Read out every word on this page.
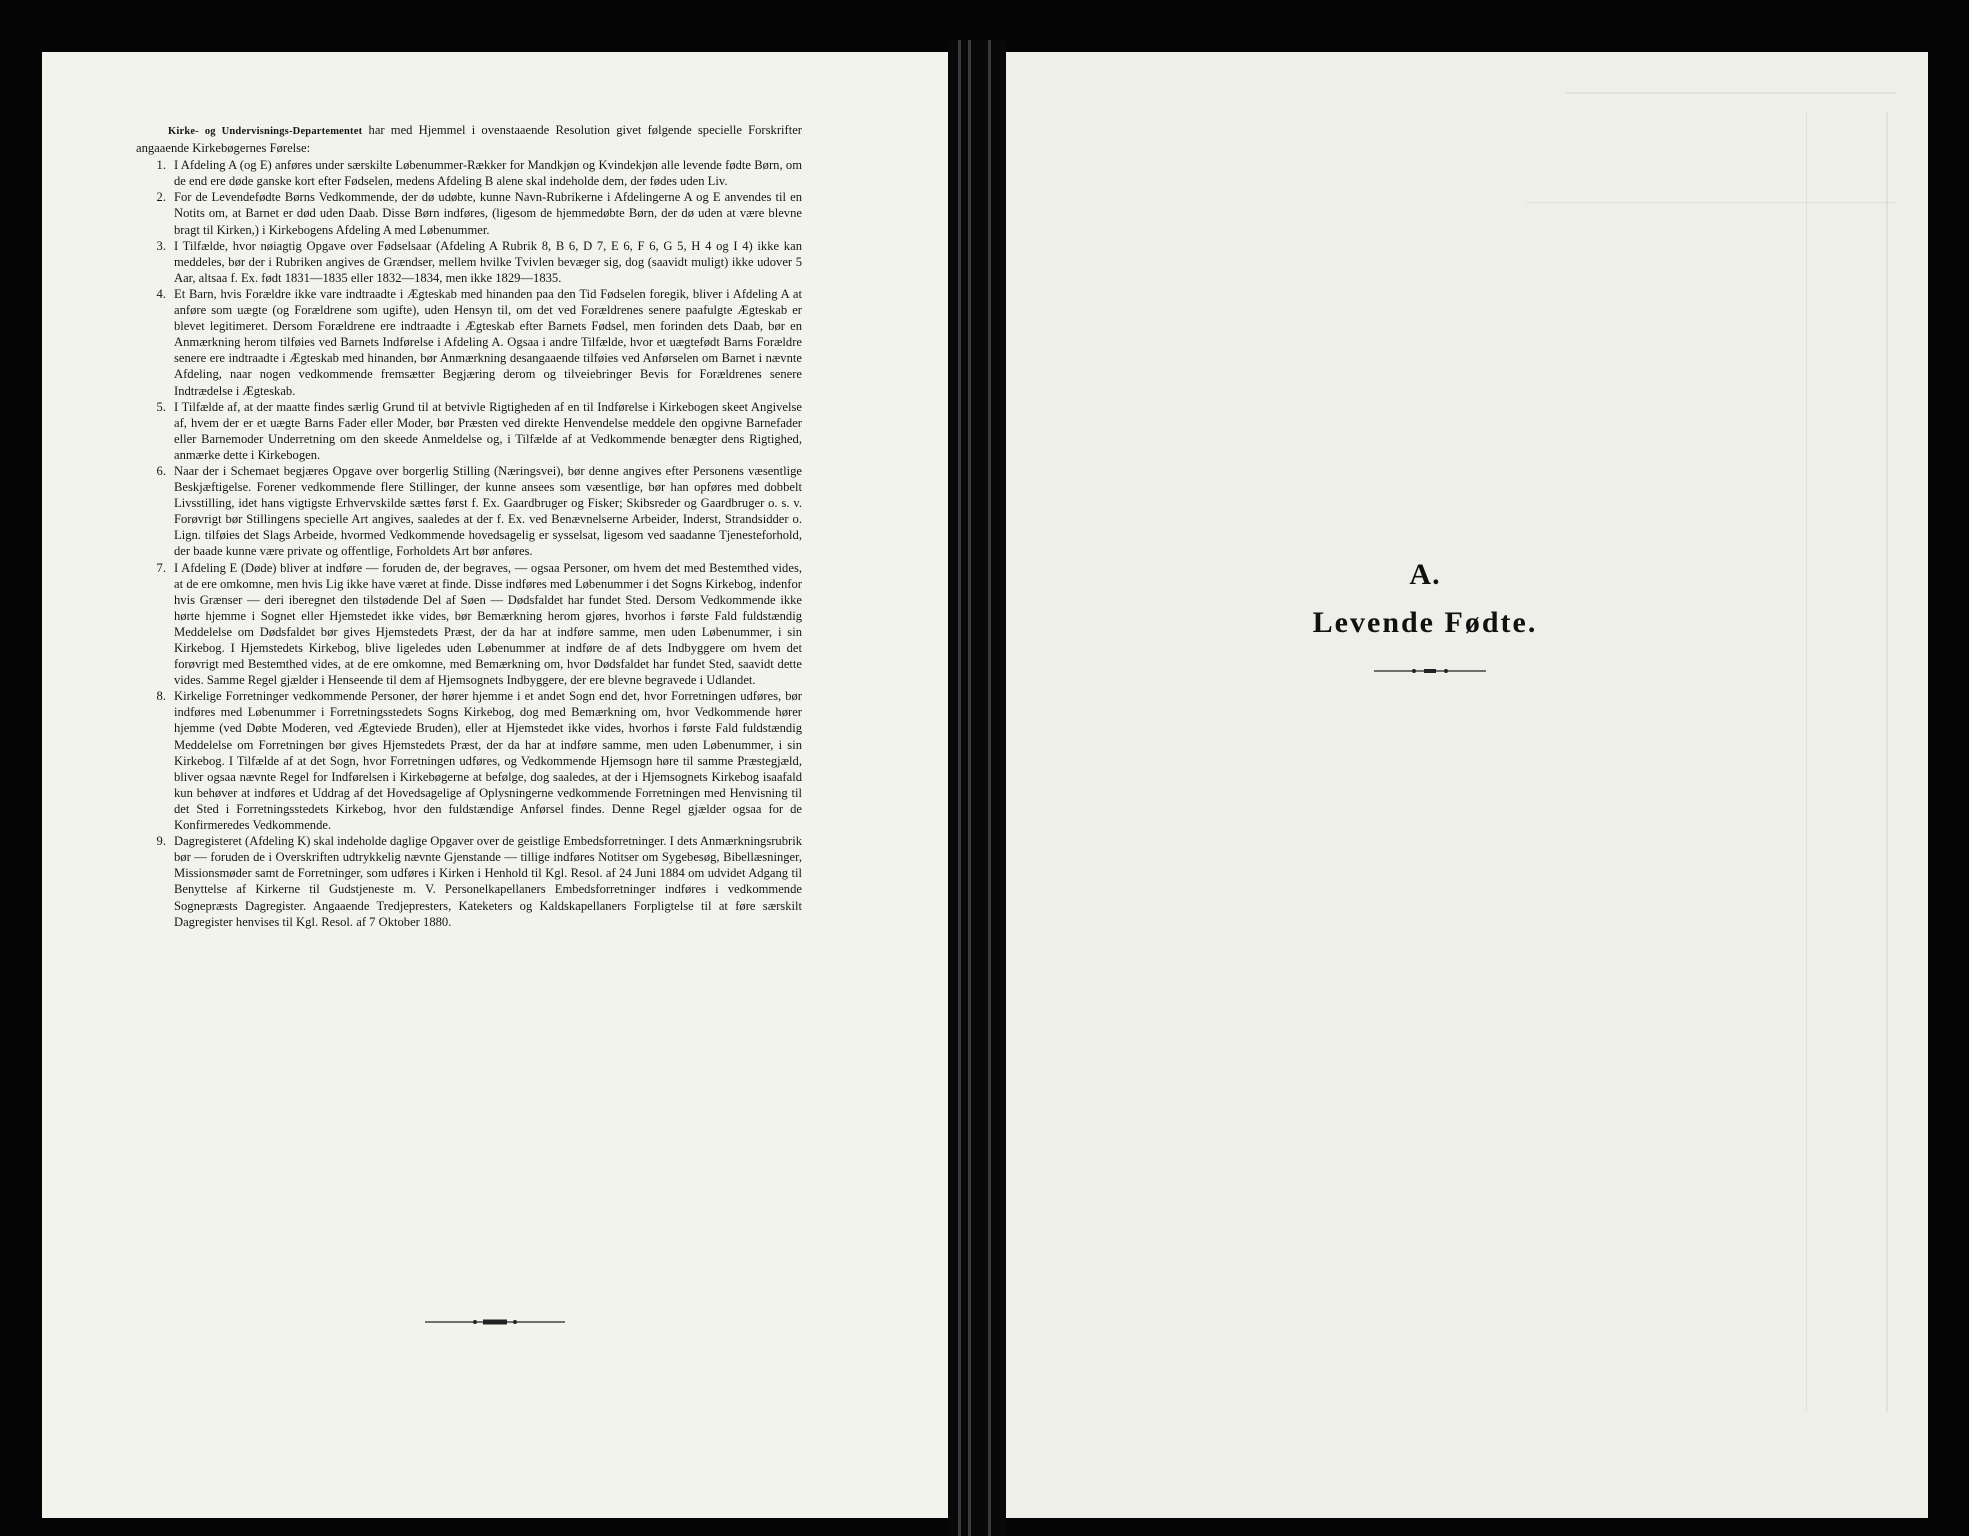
Kirke- og Undervisnings-Departementet har med Hjemmel i ovenstaaende Resolution givet følgende specielle Forskrifter angaaende Kirkebøgernes Førelse:

1. I Afdeling A (og E) anføres under særskilte Løbenummer-Rækker for Mandkjøn og Kvindekjøn alle levende fødte Børn, om de end ere døde ganske kort efter Fødselen, medens Afdeling B alene skal indeholde dem, der fødes uden Liv.
2. For de Levendefødte Børns Vedkommende, der dø udøbte, kunne Navn-Rubrikerne i Afdelingerne A og E anvendes til en Notits om, at Barnet er død uden Daab. Disse Børn indføres, (ligesom de hjemmedøbte Børn, der dø uden at være blevne bragt til Kirken,) i Kirkebogens Afdeling A med Løbenummer.
3. I Tilfælde, hvor nøiagtig Opgave over Fødselsaar (Afdeling A Rubrik 8, B 6, D 7, E 6, F 6, G 5, H 4 og I 4) ikke kan meddeles, bør der i Rubriken angives de Grændser, mellem hvilke Tvivlen bevæger sig, dog (saavidt muligt) ikke udover 5 Aar, altsaa f. Ex. født 1831—1835 eller 1832—1834, men ikke 1829—1835.
4. Et Barn, hvis Forældre ikke vare indtraadte i Ægteskab med hinanden paa den Tid Fødselen foregik, bliver i Afdeling A at anføre som uægte (og Forældrene som ugifte), uden Hensyn til, om det ved Forældrenes senere paafulgte Ægteskab er blevet legitimeret. Dersom Forældrene ere indtraadte i Ægteskab efter Barnets Fødsel, men forinden dets Daab, bør en Anmærkning herom tilføies ved Barnets Indførelse i Afdeling A. Ogsaa i andre Tilfælde, hvor et uægtefødt Barns Forældre senere ere indtraadte i Ægteskab med hinanden, bør Anmærkning desangaaende tilføies ved Anførselen om Barnet i nævnte Afdeling, naar nogen vedkommende fremsætter Begjæring derom og tilveiebringer Bevis for Forældrenes senere Indtrædelse i Ægteskab.
5. I Tilfælde af, at der maatte findes særlig Grund til at betvivle Rigtigheden af en til Indførelse i Kirkebogen skeet Angivelse af, hvem der er et uægte Barns Fader eller Moder, bør Præsten ved direkte Henvendelse meddele den opgivne Barnefader eller Barnemoder Underretning om den skeede Anmeldelse og, i Tilfælde af at Vedkommende benægter dens Rigtighed, anmærke dette i Kirkebogen.
6. Naar der i Schemaet begjæres Opgave over borgerlig Stilling (Næringsvei), bør denne angives efter Personens væsentlige Beskjæftigelse. Forener vedkommende flere Stillinger, der kunne ansees som væsentlige, bør han opføres med dobbelt Livsstilling, idet hans vigtigste Erhvervskilde sættes først f. Ex. Gaardbruger og Fisker; Skibsreder og Gaardbruger o. s. v. Forøvrigt bør Stillingens specielle Art angives, saaledes at der f. Ex. ved Benævnelserne Arbeider, Inderst, Strandsidder o. Lign. tilføies det Slags Arbeide, hvormed Vedkommende hovedsagelig er sysselsat, ligesom ved saadanne Tjenesteforhold, der baade kunne være private og offentlige, Forholdets Art bør anføres.
7. I Afdeling E (Døde) bliver at indføre — foruden de, der begraves, — ogsaa Personer, om hvem det med Bestemthed vides, at de ere omkomne, men hvis Lig ikke have været at finde. Disse indføres med Løbenummer i det Sogns Kirkebog, indenfor hvis Grænser — deri iberegnet den tilstødende Del af Søen — Dødsfaldet har fundet Sted. Dersom Vedkommende ikke hørte hjemme i Sognet eller Hjemstedet ikke vides, bør Bemærkning herom gjøres, hvorhos i første Fald fuldstændig Meddelelse om Dødsfaldet bør gives Hjemstedets Præst, der da har at indføre samme, men uden Løbenummer, i sin Kirkebog. I Hjemstedets Kirkebog, blive ligeledes uden Løbenummer at indføre de af dets Indbyggere om hvem det forøvrigt med Bestemthed vides, at de ere omkomne, med Bemærkning om, hvor Dødsfaldet har fundet Sted, saavidt dette vides. Samme Regel gjælder i Henseende til dem af Hjemsognets Indbyggere, der ere blevne begravede i Udlandet.
8. Kirkelige Forretninger vedkommende Personer, der hører hjemme i et andet Sogn end det, hvor Forretningen udføres, bør indføres med Løbenummer i Forretningsstedets Sogns Kirkebog, dog med Bemærkning om, hvor Vedkommende hører hjemme (ved Døbte Moderen, ved Ægteviede Bruden), eller at Hjemstedet ikke vides, hvorhos i første Fald fuldstændig Meddelelse om Forretningen bør gives Hjemstedets Præst, der da har at indføre samme, men uden Løbenummer, i sin Kirkebog. I Tilfælde af at det Sogn, hvor Forretningen udføres, og Vedkommende Hjemsogn høre til samme Præstegjæld, bliver ogsaa nævnte Regel for Indførelsen i Kirkebøgerne at befølge, dog saaledes, at der i Hjemsognets Kirkebog isaafald kun behøver at indføres et Uddrag af det Hovedsagelige af Oplysningerne vedkommende Forretningen med Henvisning til det Sted i Forretningsstedets Kirkebog, hvor den fuldstændige Anførsel findes. Denne Regel gjælder ogsaa for de Konfirmeredes Vedkommende.
9. Dagregisteret (Afdeling K) skal indeholde daglige Opgaver over de geistlige Embedsforretninger. I dets Anmærkningsrubrik bør — foruden de i Overskriften udtrykkelig nævnte Gjenstande — tillige indføres Notitser om Sygebesøg, Bibellæsninger, Missionsmøder samt de Forretninger, som udføres i Kirken i Henhold til Kgl. Resol. af 24 Juni 1884 om udvidet Adgang til Benyttelse af Kirkerne til Gudstjeneste m. V. Personelkapellaners Embedsforretninger indføres i vedkommende Sognepræsts Dagregister. Angaaende Tredjepresters, Kateketers og Kaldskapellaners Forpligtelse til at føre særskilt Dagregister henvises til Kgl. Resol. af 7 Oktober 1880.
A.
Levende Fødte.
